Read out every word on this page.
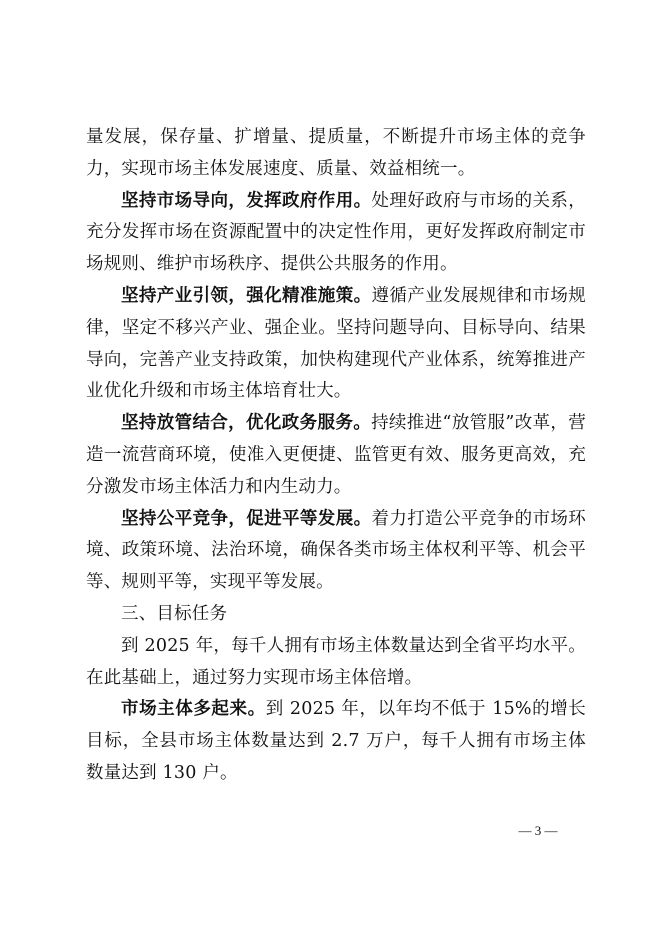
量发展，保存量、扩增量、提质量，不断提升市场主体的竞争力，实现市场主体发展速度、质量、效益相统一。

坚持市场导向，发挥政府作用。处理好政府与市场的关系，充分发挥市场在资源配置中的决定性作用，更好发挥政府制定市场规则、维护市场秩序、提供公共服务的作用。

坚持产业引领，强化精准施策。遵循产业发展规律和市场规律，坚定不移兴产业、强企业。坚持问题导向、目标导向、结果导向，完善产业支持政策，加快构建现代产业体系，统筹推进产业优化升级和市场主体培育壮大。

坚持放管结合，优化政务服务。持续推进“放管服”改革，营造一流营商环境，使准入更便捷、监管更有效、服务更高效，充分激发市场主体活力和内生动力。

坚持公平竞争，促进平等发展。着力打造公平竞争的市场环境、政策环境、法治环境，确保各类市场主体权利平等、机会平等、规则平等，实现平等发展。

三、目标任务

到 2025 年，每千人拥有市场主体数量达到全省平均水平。在此基础上，通过努力实现市场主体倍增。

市场主体多起来。到 2025 年，以年均不低于 15%的增长目标，全县市场主体数量达到 2.7 万户，每千人拥有市场主体数量达到 130 户。

— 3 —
